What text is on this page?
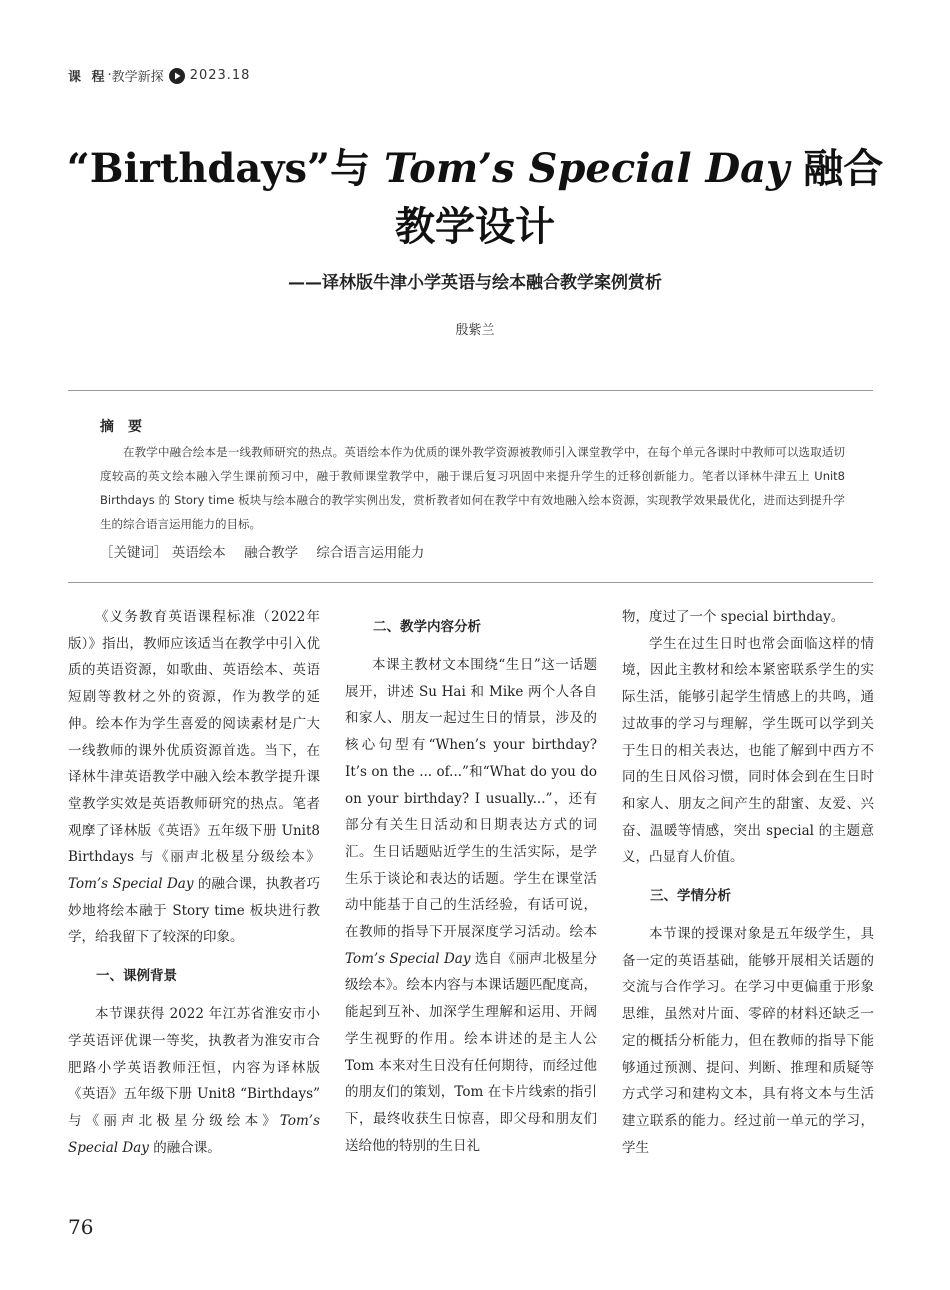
课 程 · 教学新探 2023.18
“Birthdays”与 Tom’s Special Day 融合
教学设计
——译林版牛津小学英语与绘本融合教学案例赏析
殷紫兰
摘要
在教学中融合绘本是一线教师研究的热点。英语绘本作为优质的课外教学资源被教师引入课堂教学中，在每个单元各课时中教师可以选取适切度较高的英文绘本融入学生课前预习中，融于教师课堂教学中，融于课后复习巩固中来提升学生的迁移创新能力。笔者以译林牛津五上 Unit8 Birthdays 的 Story time 板块与绘本融合的教学实例出发，赏析教者如何在教学中有效地融入绘本资源，实现教学效果最优化，进而达到提升学生的综合语言运用能力的目标。
［关键词］ 英语绘本 融合教学 综合语言运用能力

《义务教育英语课程标准（2022年版）》指出，教师应该适当在教学中引入优质的英语资源，如歌曲、英语绘本、英语短剧等教材之外的资源，作为教学的延伸。绘本作为学生喜爱的阅读素材是广大一线教师的课外优质资源首选。当下，在译林牛津英语教学中融入绘本教学提升课堂教学实效是英语教师研究的热点。笔者观摩了译林版《英语》五年级下册 Unit8 Birthdays 与《丽声北极星分级绘本》Tom’s Special Day 的融合课，执教者巧妙地将绘本融于 Story time 板块进行教学，给我留下了较深的印象。

一、课例背景

本节课获得 2022 年江苏省淮安市小学英语评优课一等奖，执教者为淮安市合肥路小学英语教师汪恒，内容为译林版《英语》五年级下册 Unit8 “Birthdays” 与《丽声北极星分级绘本》Tom’s Special Day 的融合课。

二、教学内容分析

本课主教材文本围绕“生日”这一话题展开，讲述 Su Hai 和 Mike 两个人各自和家人、朋友一起过生日的情景，涉及的核心句型有“When’s your birthday? It’s on the ... of...”和“What do you do on your birthday? I usually...”，还有部分有关生日活动和日期表达方式的词汇。生日话题贴近学生的生活实际，是学生乐于谈论和表达的话题。学生在课堂活动中能基于自己的生活经验，有话可说，在教师的指导下开展深度学习活动。绘本 Tom’s Special Day 选自《丽声北极星分级绘本》。绘本内容与本课话题匹配度高，能起到互补、加深学生理解和运用、开阔学生视野的作用。绘本讲述的是主人公 Tom 本来对生日没有任何期待，而经过他的朋友们的策划，Tom 在卡片线索的指引下，最终收获生日惊喜，即父母和朋友们送给他的特别的生日礼

物，度过了一个 special birthday。

学生在过生日时也常会面临这样的情境，因此主教材和绘本紧密联系学生的实际生活，能够引起学生情感上的共鸣，通过故事的学习与理解，学生既可以学到关于生日的相关表达，也能了解到中西方不同的生日风俗习惯，同时体会到在生日时和家人、朋友之间产生的甜蜜、友爱、兴奋、温暖等情感，突出 special 的主题意义，凸显育人价值。

三、学情分析

本节课的授课对象是五年级学生，具备一定的英语基础，能够开展相关话题的交流与合作学习。在学习中更偏重于形象思维，虽然对片面、零碎的材料还缺乏一定的概括分析能力，但在教师的指导下能够通过预测、提问、判断、推理和质疑等方式学习和建构文本，具有将文本与生活建立联系的能力。经过前一单元的学习，学生

76
